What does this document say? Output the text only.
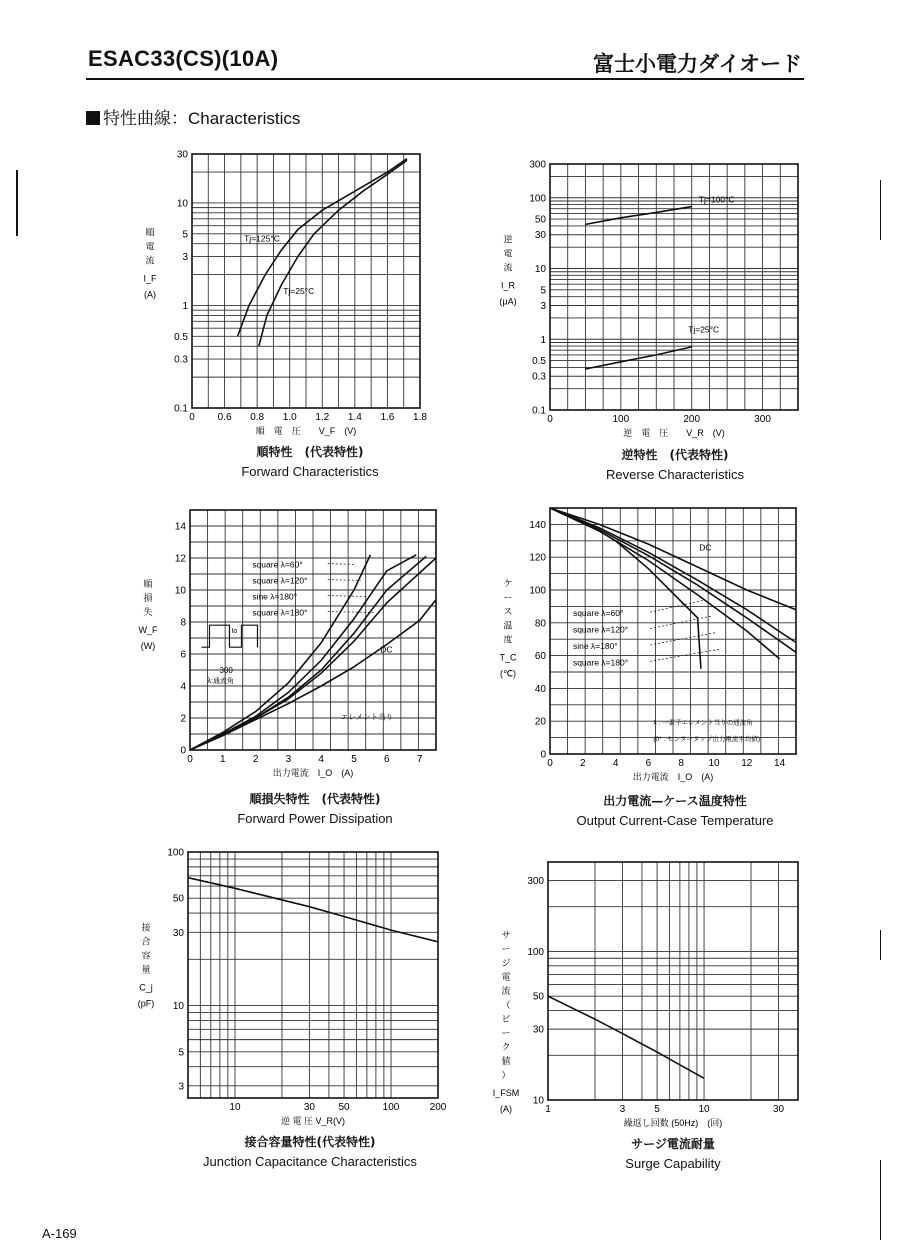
ESAC33(CS)(10A)	富士小電力ダイオード
特性曲線：Characteristics
0 0.6 0.8 1.0 1.2 1.4 1.6 1.8
0.1
0.3
0.5
1
3
5
10
30
順　電　圧　　V_F　(V)
順
電
流
I_F
(A)
Tj=125°C
Tj=25°C
0	100	200	300
0.1
0.3
0.5
1
3
5
10
30
50
100
300
逆　電　圧　　V_R　(V)
逆
電
流
I_R
(μA)
Tj=100°C
Tj=25°C
0	1	2	3	4	5	6	7
0
2
4
6
8
10
12
14
出力電流　I_O　(A)
順
損
失
W_F
(W)
square λ=60°
square λ=120°
sine λ=180°
square λ=180°
DC
エレメント当り
Io
300
λ:通流角
0	2	4	6	8 10 12 14
0
20
40
60
80
100
120
140
出力電流　I_O　(A)
ケ
ー
ス
温
度
T_C
(℃)
DC
square λ=60°
square λ=120°
sine λ=180°
square λ=180°
λ : 一素子エレメント当りの通流角
(0° : センタータップ出力電流平均値)
10	30 50	100	200
3
5
10
30
50
100
逆 電 圧 V_R(V)
接
合
容
量
C_j
(pF)
1	3	5	10	30
10
30
50
100
300
繰返し回数 (50Hz)　(回)
サ
ー
ジ
電
流
（
ピ
ー
ク
値
）
I_FSM
(A)
順特性　(代表特性)
Forward Characteristics
逆特性　(代表特性)
Reverse Characteristics
順損失特性　(代表特性)
Forward Power Dissipation
出力電流—ケース温度特性
Output Current-Case Temperature
接合容量特性(代表特性)
Junction Capacitance Characteristics
サージ電流耐量
Surge Capability
A-169
